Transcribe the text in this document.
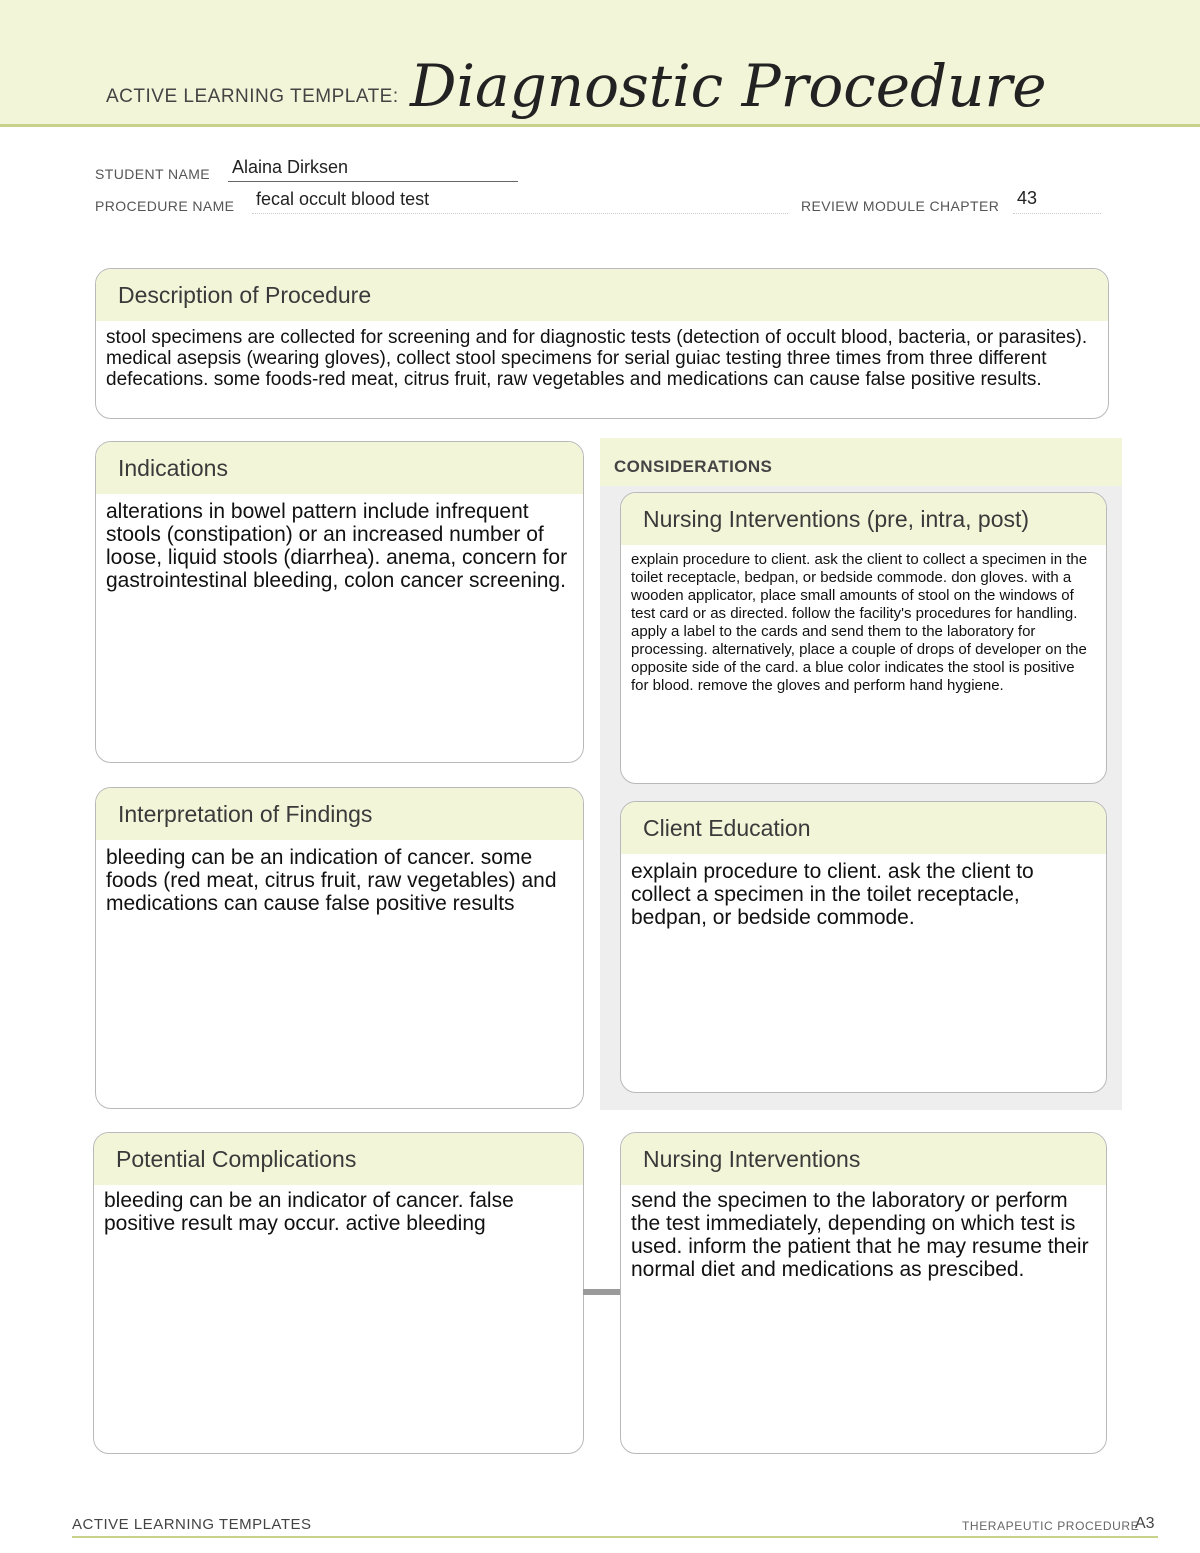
ACTIVE LEARNING TEMPLATE: Diagnostic Procedure
STUDENT NAME Alaina Dirksen
PROCEDURE NAME fecal occult blood test	REVIEW MODULE CHAPTER 43
Description of Procedure
stool specimens are collected for screening and for diagnostic tests (detection of occult blood, bacteria, or parasites). medical asepsis (wearing gloves), collect stool specimens for serial guiac testing three times from three different defecations. some foods-red meat, citrus fruit, raw vegetables and medications can cause false positive results.
CONSIDERATIONS
Indications
alterations in bowel pattern include infrequent stools (constipation) or an increased number of loose, liquid stools (diarrhea). anema, concern for gastrointestinal bleeding, colon cancer screening.
Nursing Interventions (pre, intra, post)
explain procedure to client. ask the client to collect a specimen in the toilet receptacle, bedpan, or bedside commode. don gloves. with a wooden applicator, place small amounts of stool on the windows of test card or as directed. follow the facility's procedures for handling. apply a label to the cards and send them to the laboratory for processing. alternatively, place a couple of drops of developer on the opposite side of the card. a blue color indicates the stool is positive for blood. remove the gloves and perform hand hygiene.
Interpretation of Findings
bleeding can be an indication of cancer. some foods (red meat, citrus fruit, raw vegetables) and medications can cause false positive results
Client Education
explain procedure to client. ask the client to collect a specimen in the toilet receptacle, bedpan, or bedside commode.
Potential Complications
bleeding can be an indicator of cancer. false positive result may occur. active bleeding
Nursing Interventions
send the specimen to the laboratory or perform the test immediately, depending on which test is used. inform the patient that he may resume their normal diet and medications as prescibed.
ACTIVE LEARNING TEMPLATES	THERAPEUTIC PROCEDURE
A3
